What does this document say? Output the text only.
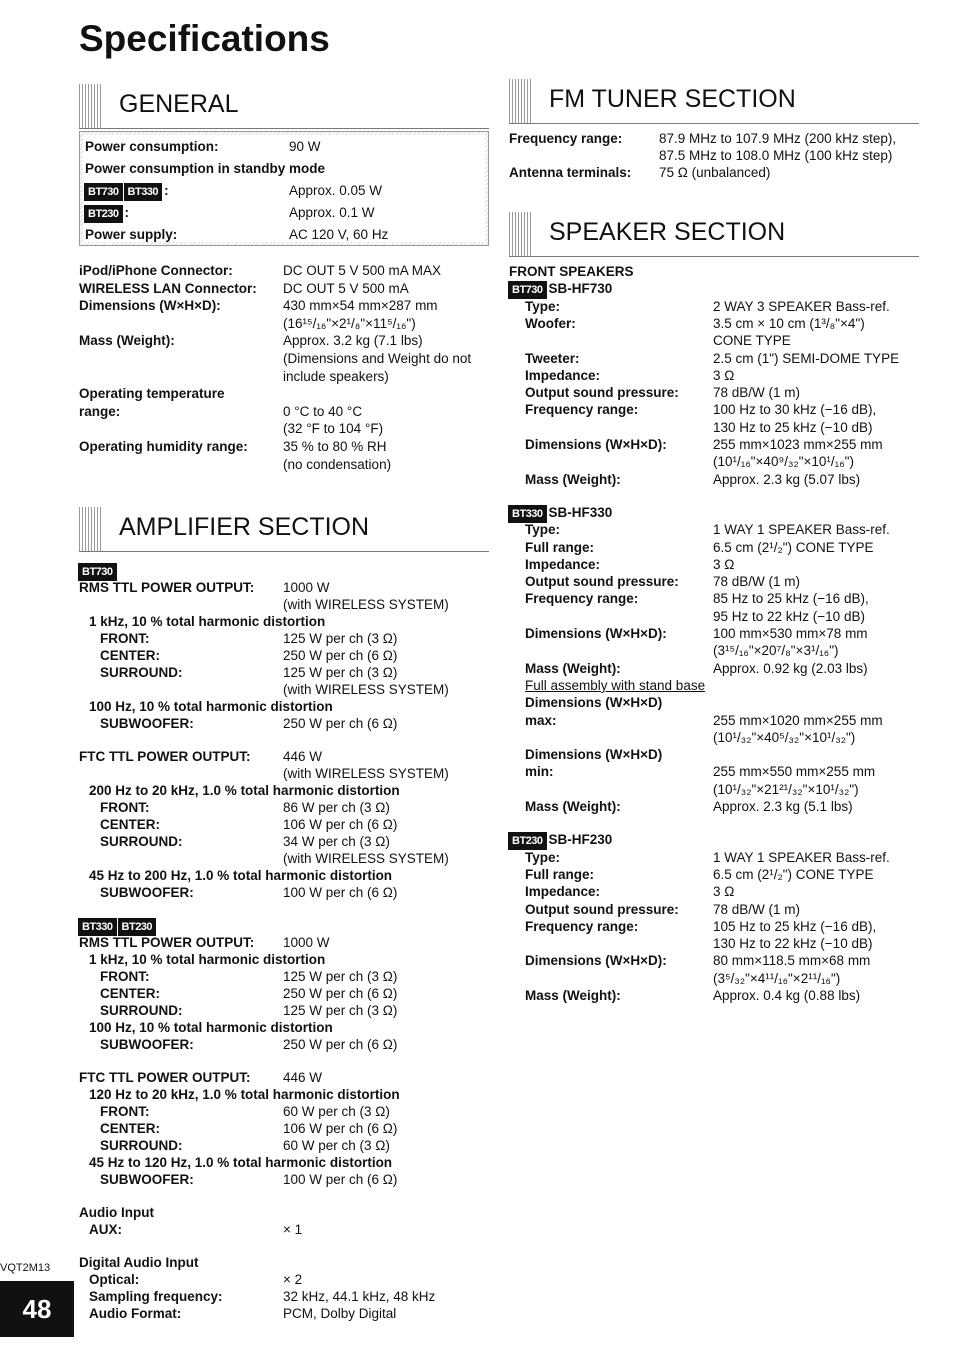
Specifications
GENERAL
Power consumption:	90 W
Power consumption in standby mode
BT730 BT330 :	Approx. 0.05 W
BT230 :	Approx. 0.1 W
Power supply:	AC 120 V, 60 Hz
iPod/iPhone Connector:	DC OUT 5 V 500 mA MAX
WIRELESS LAN Connector: DC OUT 5 V 500 mA
Dimensions (W×H×D):	430 mm×54 mm×287 mm
(16¹⁵/₁₆"×2¹/₈"×11⁵/₁₆")
Mass (Weight):	Approx. 3.2 kg (7.1 lbs)
(Dimensions and Weight do not
include speakers)
Operating temperature
range:	0 °C to 40 °C
(32 °F to 104 °F)
Operating humidity range:	35 % to 80 % RH
(no condensation)
AMPLIFIER SECTION
BT730
RMS TTL POWER OUTPUT: 1000 W
(with WIRELESS SYSTEM)
1 kHz, 10 % total harmonic distortion
FRONT:	125 W per ch (3 Ω)
CENTER:	250 W per ch (6 Ω)
SURROUND:	125 W per ch (3 Ω)
(with WIRELESS SYSTEM)
100 Hz, 10 % total harmonic distortion
SUBWOOFER:	250 W per ch (6 Ω)
FTC TTL POWER OUTPUT: 446 W
(with WIRELESS SYSTEM)
200 Hz to 20 kHz, 1.0 % total harmonic distortion
FRONT:	86 W per ch (3 Ω)
CENTER:	106 W per ch (6 Ω)
SURROUND:	34 W per ch (3 Ω)
(with WIRELESS SYSTEM)
45 Hz to 200 Hz, 1.0 % total harmonic distortion
SUBWOOFER:	100 W per ch (6 Ω)
BT330 BT230
RMS TTL POWER OUTPUT: 1000 W
1 kHz, 10 % total harmonic distortion
FRONT:	125 W per ch (3 Ω)
CENTER:	250 W per ch (6 Ω)
SURROUND:	125 W per ch (3 Ω)
100 Hz, 10 % total harmonic distortion
SUBWOOFER:	250 W per ch (6 Ω)
FTC TTL POWER OUTPUT: 446 W
120 Hz to 20 kHz, 1.0 % total harmonic distortion
FRONT:	60 W per ch (3 Ω)
CENTER:	106 W per ch (6 Ω)
SURROUND:	60 W per ch (3 Ω)
45 Hz to 120 Hz, 1.0 % total harmonic distortion
SUBWOOFER:	100 W per ch (6 Ω)
Audio Input
AUX:	× 1
Digital Audio Input
Optical:	× 2
Sampling frequency:	32 kHz, 44.1 kHz, 48 kHz
Audio Format:	PCM, Dolby Digital
FM TUNER SECTION
Frequency range:	87.9 MHz to 107.9 MHz (200 kHz step),
87.5 MHz to 108.0 MHz (100 kHz step)
Antenna terminals: 75 Ω (unbalanced)
SPEAKER SECTION
FRONT SPEAKERS
BT730 SB-HF730
Type:	2 WAY 3 SPEAKER Bass-ref.
Woofer:	3.5 cm × 10 cm (1³/₈"×4")
CONE TYPE
Tweeter:	2.5 cm (1") SEMI-DOME TYPE
Impedance:	3 Ω
Output sound pressure:	78 dB/W (1 m)
Frequency range:	100 Hz to 30 kHz (−16 dB),
130 Hz to 25 kHz (−10 dB)
Dimensions (W×H×D):	255 mm×1023 mm×255 mm
(10¹/₁₆"×40⁹/₃₂"×10¹/₁₆")
Mass (Weight):	Approx. 2.3 kg (5.07 lbs)
BT330 SB-HF330
Type:	1 WAY 1 SPEAKER Bass-ref.
Full range:	6.5 cm (2¹/₂") CONE TYPE
Impedance:	3 Ω
Output sound pressure:	78 dB/W (1 m)
Frequency range:	85 Hz to 25 kHz (−16 dB),
95 Hz to 22 kHz (−10 dB)
Dimensions (W×H×D):	100 mm×530 mm×78 mm
(3¹⁵/₁₆"×20⁷/₈"×3¹/₁₆")
Mass (Weight):	Approx. 0.92 kg (2.03 lbs)
Full assembly with stand base
Dimensions (W×H×D)
max:	255 mm×1020 mm×255 mm
(10¹/₃₂"×40⁵/₃₂"×10¹/₃₂")
Dimensions (W×H×D)
min:	255 mm×550 mm×255 mm
(10¹/₃₂"×21²¹/₃₂"×10¹/₃₂")
Mass (Weight):	Approx. 2.3 kg (5.1 lbs)
BT230 SB-HF230
Type:	1 WAY 1 SPEAKER Bass-ref.
Full range:	6.5 cm (2¹/₂") CONE TYPE
Impedance:	3 Ω
Output sound pressure:	78 dB/W (1 m)
Frequency range:	105 Hz to 25 kHz (−16 dB),
130 Hz to 22 kHz (−10 dB)
Dimensions (W×H×D):	80 mm×118.5 mm×68 mm
(3⁵/₃₂"×4¹¹/₁₆"×2¹¹/₁₆")
Mass (Weight):	Approx. 0.4 kg (0.88 lbs)
VQT2M13
48
